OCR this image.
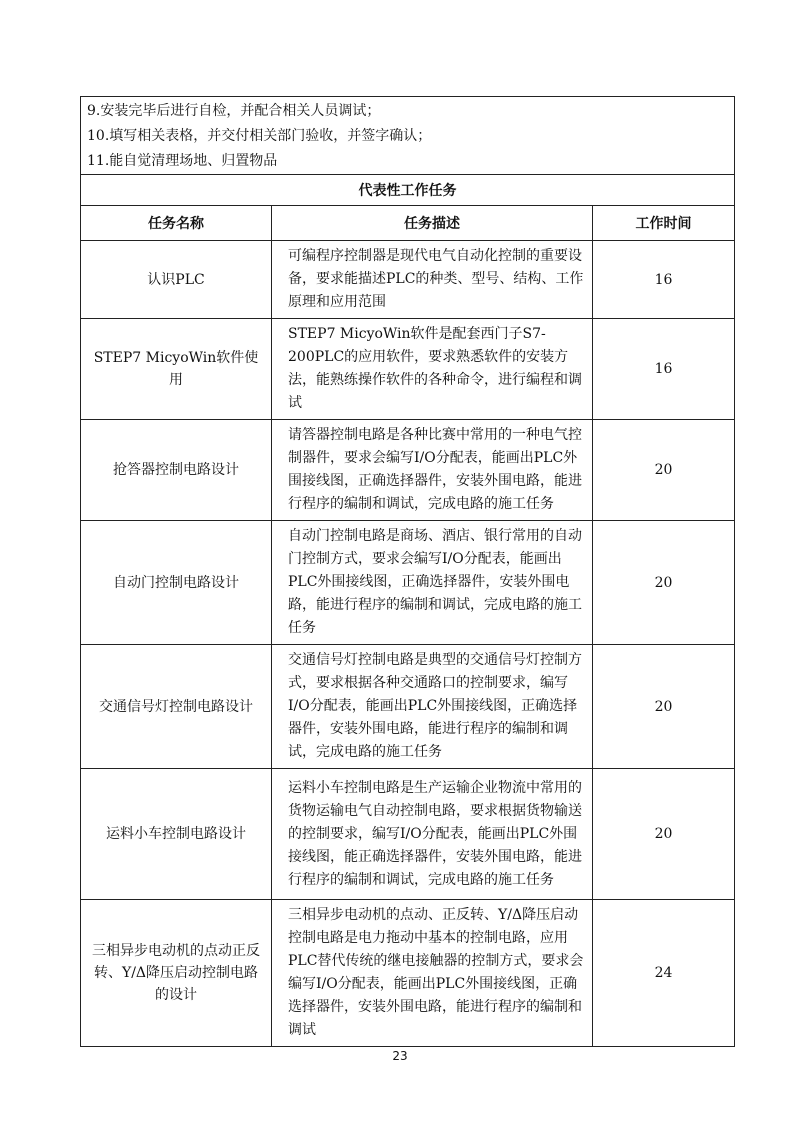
9.安装完毕后进行自检，并配合相关人员调试；
10.填写相关表格，并交付相关部门验收，并签字确认；
11.能自觉清理场地、归置物品		

代表性工作任务		
任务名称	任务描述	工作时间
认识PLC	可编程序控制器是现代电气自动化控制的重要设备，要求能描述PLC的种类、型号、结构、工作原理和应用范围	16
STEP7 MicyoWin软件使用	STEP7 MicyoWin软件是配套西门子S7-200PLC的应用软件，要求熟悉软件的安装方法，能熟练操作软件的各种命令，进行编程和调试	16
抢答器控制电路设计	请答器控制电路是各种比赛中常用的一种电气控制器件，要求会编写I/O分配表，能画出PLC外围接线图，正确选择器件，安装外围电路，能进行程序的编制和调试，完成电路的施工任务	20
自动门控制电路设计	自动门控制电路是商场、酒店、银行常用的自动门控制方式，要求会编写I/O分配表，能画出PLC外围接线图，正确选择器件，安装外围电路，能进行程序的编制和调试，完成电路的施工任务	20
交通信号灯控制电路设计	交通信号灯控制电路是典型的交通信号灯控制方式，要求根据各种交通路口的控制要求，编写I/O分配表，能画出PLC外围接线图，正确选择器件，安装外围电路，能进行程序的编制和调试，完成电路的施工任务	20
运料小车控制电路设计	运料小车控制电路是生产运输企业物流中常用的货物运输电气自动控制电路，要求根据货物输送的控制要求，编写I/O分配表，能画出PLC外围接线图，能正确选择器件，安装外围电路，能进行程序的编制和调试，完成电路的施工任务	20
三相异步电动机的点动正反转、Y/Δ降压启动控制电路的设计	三相异步电动机的点动、正反转、Y/Δ降压启动控制电路是电力拖动中基本的控制电路，应用PLC替代传统的继电接触器的控制方式，要求会编写I/O分配表，能画出PLC外围接线图，正确选择器件，安装外围电路，能进行程序的编制和调试	24
23
